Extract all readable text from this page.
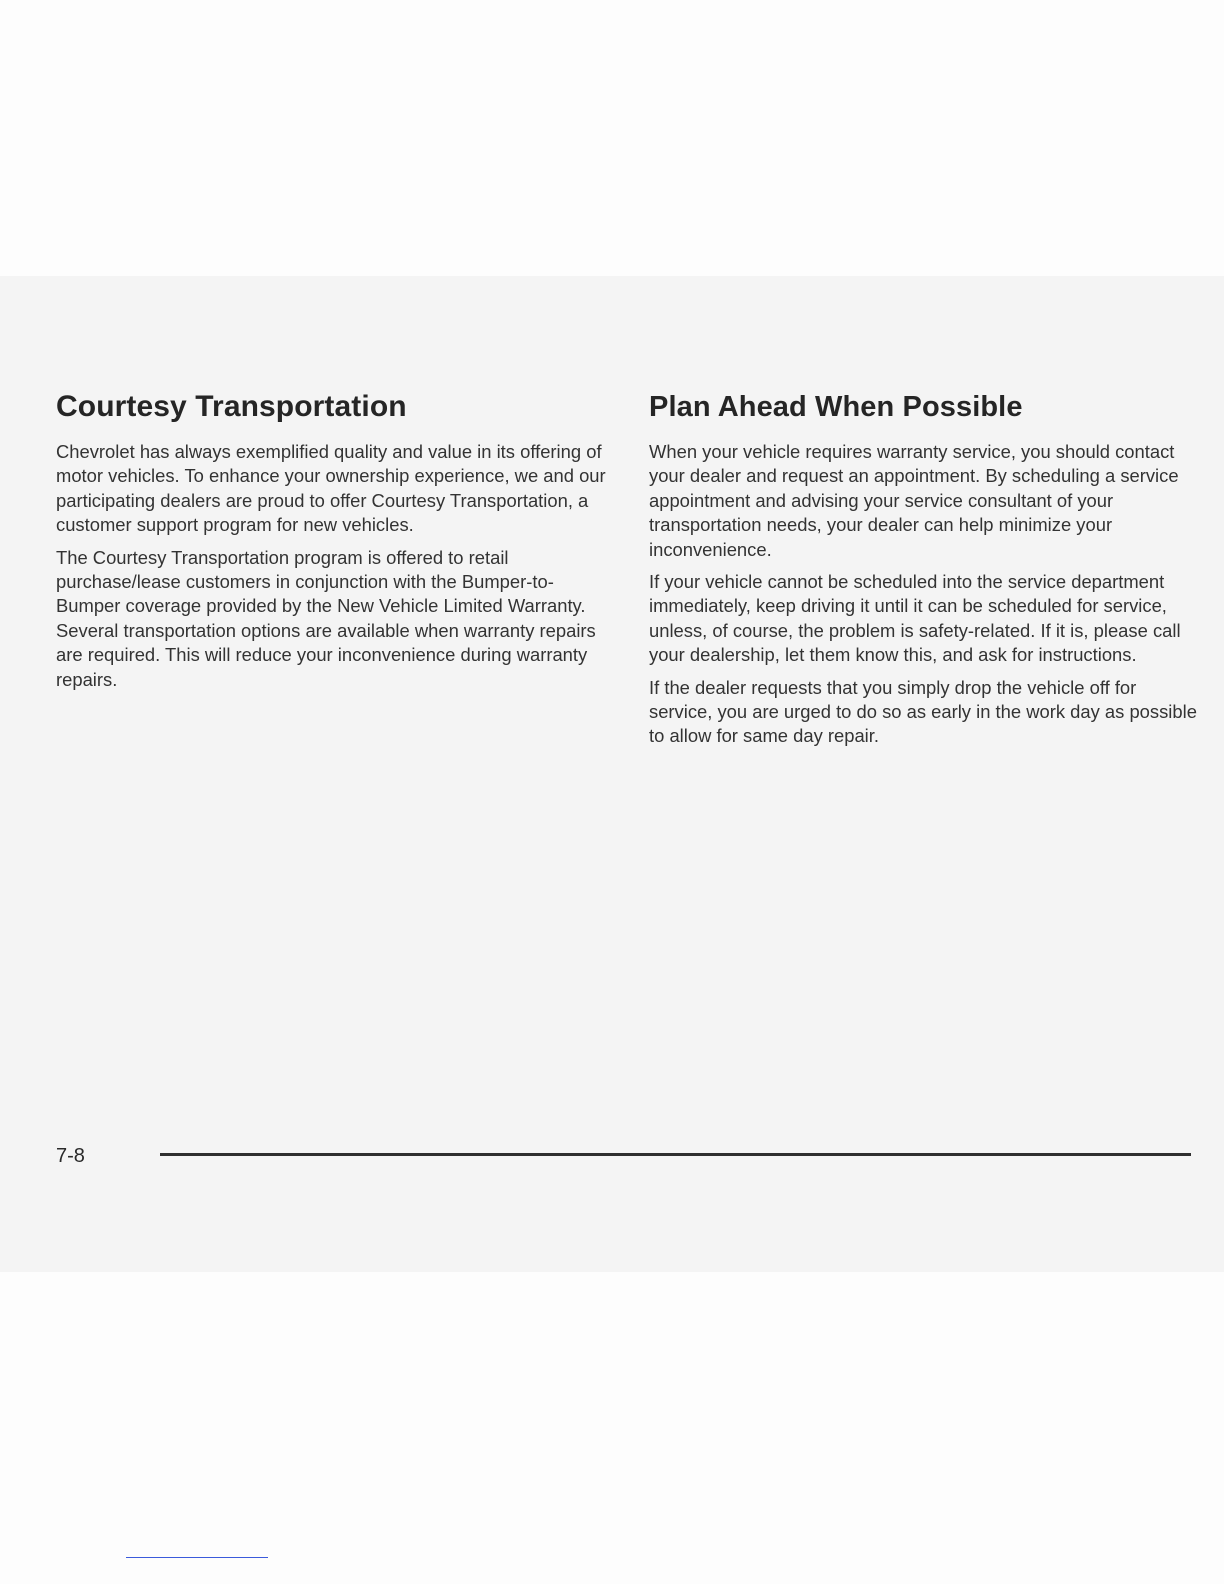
Courtesy Transportation

Chevrolet has always exemplified quality and value in its offering of motor vehicles. To enhance your ownership experience, we and our participating dealers are proud to offer Courtesy Transportation, a customer support program for new vehicles.

The Courtesy Transportation program is offered to retail purchase/lease customers in conjunction with the Bumper-to-Bumper coverage provided by the New Vehicle Limited Warranty. Several transportation options are available when warranty repairs are required. This will reduce your inconvenience during warranty repairs.

Plan Ahead When Possible

When your vehicle requires warranty service, you should contact your dealer and request an appointment. By scheduling a service appointment and advising your service consultant of your transportation needs, your dealer can help minimize your inconvenience.

If your vehicle cannot be scheduled into the service department immediately, keep driving it until it can be scheduled for service, unless, of course, the problem is safety-related. If it is, please call your dealership, let them know this, and ask for instructions.

If the dealer requests that you simply drop the vehicle off for service, you are urged to do so as early in the work day as possible to allow for same day repair.

7-8
